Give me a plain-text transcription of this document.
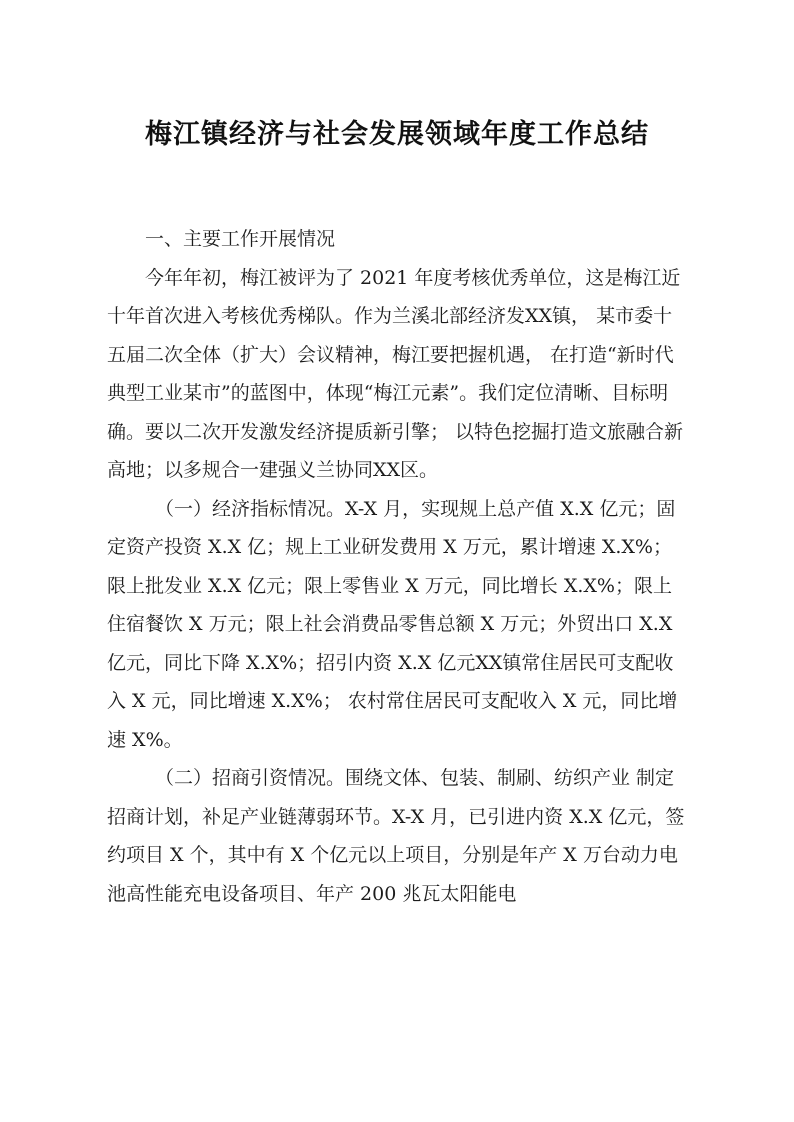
梅江镇经济与社会发展领域年度工作总结

一、主要工作开展情况

今年年初，梅江被评为了 2021 年度考核优秀单位，这是梅江近十年首次进入考核优秀梯队。作为兰溪北部经济发XX镇， 某市委十五届二次全体（扩大）会议精神，梅江要把握机遇， 在打造“新时代典型工业某市”的蓝图中，体现“梅江元素”。我们定位清晰、目标明确。要以二次开发激发经济提质新引擎； 以特色挖掘打造文旅融合新高地；以多规合一建强义兰协同XX区。

（一）经济指标情况。X-X 月，实现规上总产值 X.X 亿元；固定资产投资 X.X 亿；规上工业研发费用 X 万元，累计增速 X.X%；限上批发业 X.X 亿元；限上零售业 X 万元，同比增长 X.X%；限上住宿餐饮 X 万元；限上社会消费品零售总额 X 万元；外贸出口 X.X 亿元，同比下降 X.X%；招引内资 X.X 亿元XX镇常住居民可支配收入 X 元，同比增速 X.X%； 农村常住居民可支配收入 X 元，同比增速 X%。

（二）招商引资情况。围绕文体、包装、制刷、纺织产业 制定招商计划，补足产业链薄弱环节。X-X 月，已引进内资 X.X 亿元，签约项目 X 个，其中有 X 个亿元以上项目，分别是年产 X 万台动力电池高性能充电设备项目、年产 200 兆瓦太阳能电
